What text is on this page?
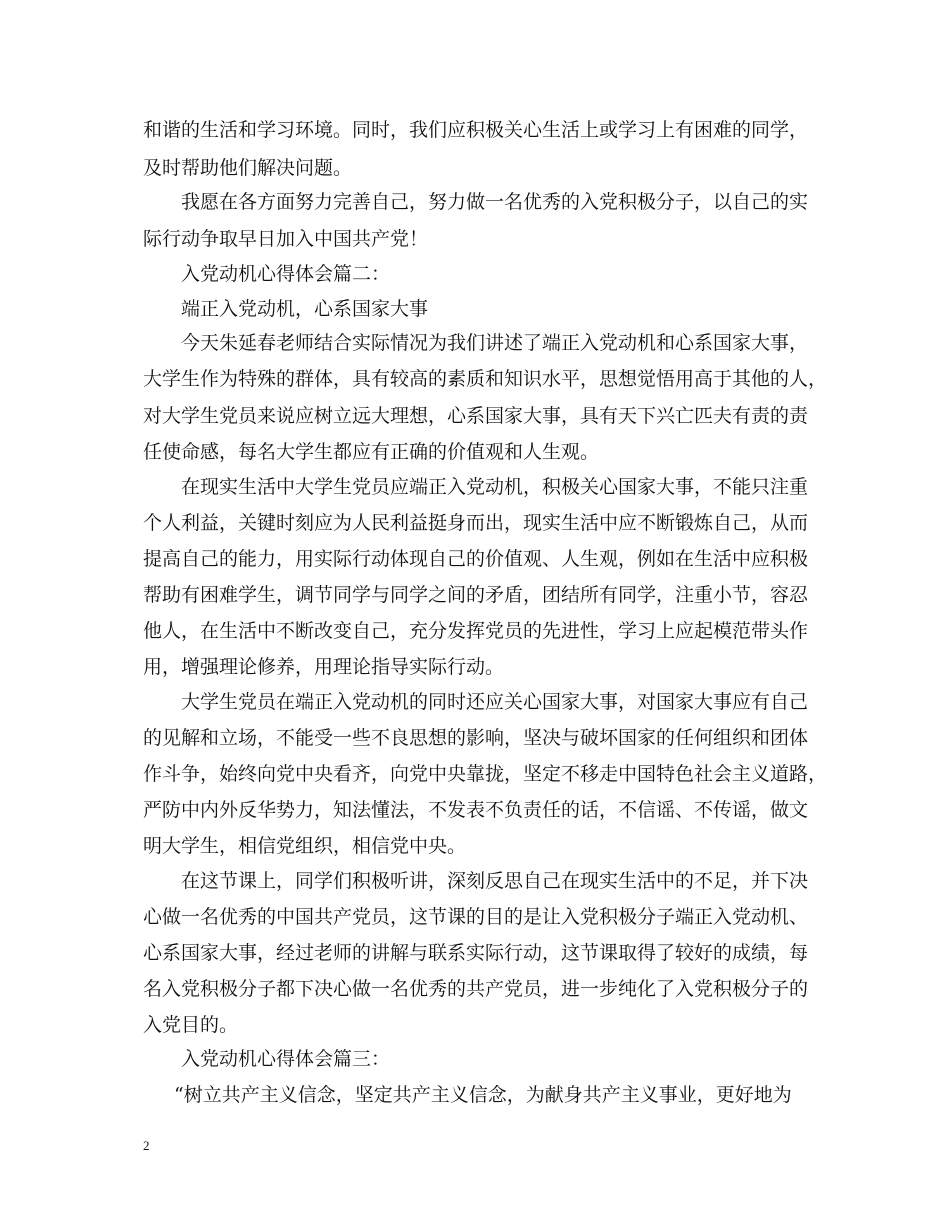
和谐的生活和学习环境。同时，我们应积极关心生活上或学习上有困难的同学，
及时帮助他们解决问题。
我愿在各方面努力完善自己，努力做一名优秀的入党积极分子，以自己的实
际行动争取早日加入中国共产党！
入党动机心得体会篇二：
端正入党动机，心系国家大事
今天朱延春老师结合实际情况为我们讲述了端正入党动机和心系国家大事，
大学生作为特殊的群体，具有较高的素质和知识水平，思想觉悟用高于其他的人，
对大学生党员来说应树立远大理想，心系国家大事，具有天下兴亡匹夫有责的责
任使命感，每名大学生都应有正确的价值观和人生观。
在现实生活中大学生党员应端正入党动机，积极关心国家大事，不能只注重
个人利益，关键时刻应为人民利益挺身而出，现实生活中应不断锻炼自己，从而
提高自己的能力，用实际行动体现自己的价值观、人生观，例如在生活中应积极
帮助有困难学生，调节同学与同学之间的矛盾，团结所有同学，注重小节，容忍
他人，在生活中不断改变自己，充分发挥党员的先进性，学习上应起模范带头作
用，增强理论修养，用理论指导实际行动。
大学生党员在端正入党动机的同时还应关心国家大事，对国家大事应有自己
的见解和立场，不能受一些不良思想的影响，坚决与破坏国家的任何组织和团体
作斗争，始终向党中央看齐，向党中央靠拢，坚定不移走中国特色社会主义道路，
严防中内外反华势力，知法懂法，不发表不负责任的话，不信谣、不传谣，做文
明大学生，相信党组织，相信党中央。
在这节课上，同学们积极听讲，深刻反思自己在现实生活中的不足，并下决
心做一名优秀的中国共产党员，这节课的目的是让入党积极分子端正入党动机、
心系国家大事，经过老师的讲解与联系实际行动，这节课取得了较好的成绩，每
名入党积极分子都下决心做一名优秀的共产党员，进一步纯化了入党积极分子的
入党目的。
入党动机心得体会篇三：
“树立共产主义信念，坚定共产主义信念，为献身共产主义事业，更好地为
2
